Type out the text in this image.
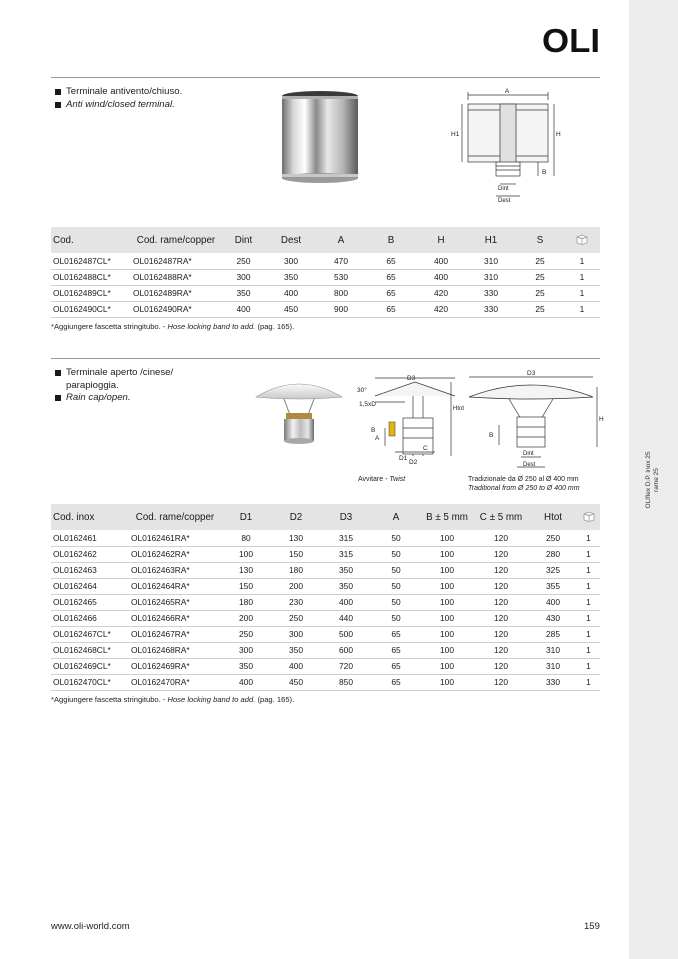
OLIflex D.P. inox 25 rame 25
OLI
Terminale antivento/chiuso.
Anti wind/closed terminal.
A
H1	H
B
Dint
Dest
Cod.	Cod. rame/copper	Dint	Dest	A	B	H	H1	S	
OL0162487CL*	OL0162487RA*	250	300	470	65	400	310	25	1
OL0162488CL*	OL0162488RA*	300	350	530	65	400	310	25	1
OL0162489CL*	OL0162489RA*	350	400	800	65	420	330	25	1
OL0162490CL*	OL0162490RA*	400	450	900	65	420	330	25	1
*Aggiungere fascetta stringitubo. - Hose locking band to add. (pag. 165).
Terminale aperto /cinese/
parapioggia.
Rain cap/open.
30°
D3
1,5xD
Htot
B
A
C
D1
D2
Avvitare - Twist
D3
H
B
Dint
Dest
Tradizionale da Ø 250 al Ø 400 mm
Traditional from Ø 250 to Ø 400 mm
Cod. inox	Cod. rame/copper	D1	D2	D3	A	B ± 5 mm	C ± 5 mm	Htot	
OL0162461	OL0162461RA*	80	130	315	50	100	120	250	1
OL0162462	OL0162462RA*	100	150	315	50	100	120	280	1
OL0162463	OL0162463RA*	130	180	350	50	100	120	325	1
OL0162464	OL0162464RA*	150	200	350	50	100	120	355	1
OL0162465	OL0162465RA*	180	230	400	50	100	120	400	1
OL0162466	OL0162466RA*	200	250	440	50	100	120	430	1
OL0162467CL*	OL0162467RA*	250	300	500	65	100	120	285	1
OL0162468CL*	OL0162468RA*	300	350	600	65	100	120	310	1
OL0162469CL*	OL0162469RA*	350	400	720	65	100	120	310	1
OL0162470CL*	OL0162470RA*	400	450	850	65	100	120	330	1
*Aggiungere fascetta stringitubo. - Hose locking band to add. (pag. 165).
www.oli-world.com	159
